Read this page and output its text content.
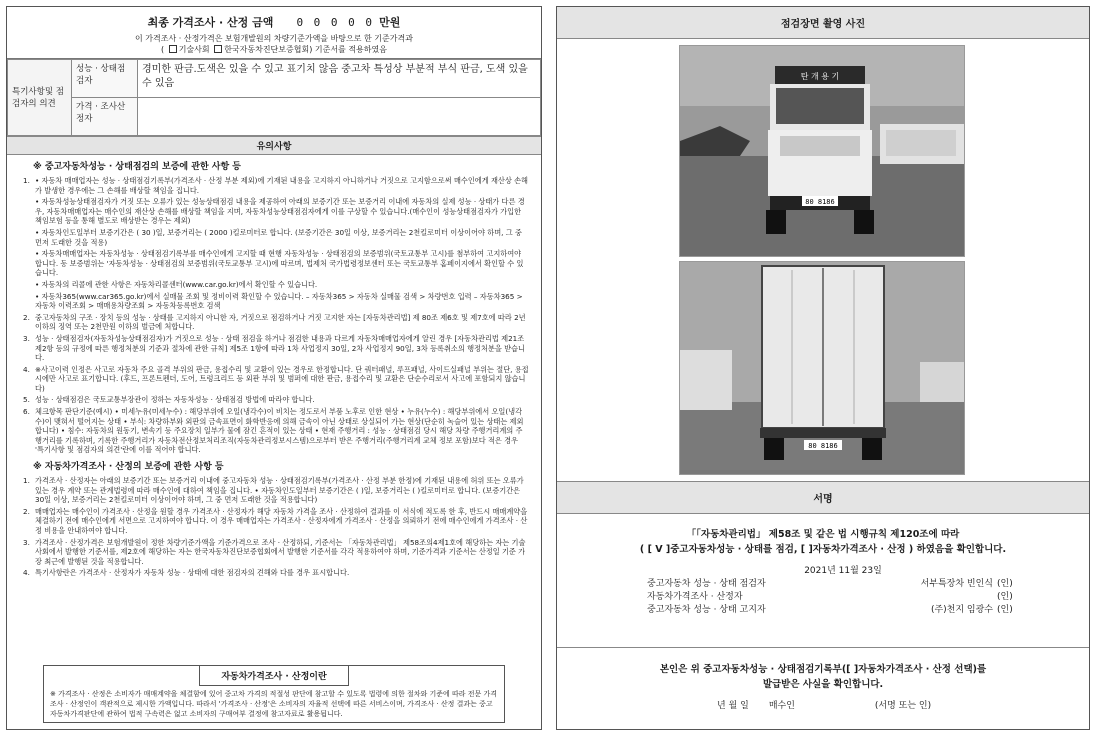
최종 가격조사 · 산정 금액 0 0 0 0 0 만원
이 가격조사 · 산정가격은 보험개발원의 차량기준가액을 바탕으로 한 기준가격과
( 기술사회 한국자동차진단보증협회) 기준서를 적용하였음
특기사항및 점검자의 의견	성능 · 상태점검자	경미한 판금.도색은 있을 수 있고 표기치 않음 중고차 특성상 부분적 부식 판금, 도색 있을 수 있음
	가격 · 조사산정자	
유의사항
※ 중고자동차성능 · 상태점검의 보증에 관한 사항 등
1. • 자동차 매매업자는 성능 · 상태점검기록부(가격조사 · 산정 부분 제외)에 기재된 내용을 고지하지 아니하거나 거짓으로 고지함으로써 매수인에게 재산상 손해가 발생한 경우에는 그 손해를 배상할 책임을 집니다.
• 자동차성능상태점검자가 거짓 또는 오류가 있는 성능상태점검 내용을 제공하여 아래의 보증기간 또는 보증거리 이내에 자동차의 실제 성능 · 상태가 다른 경우, 자동차매매업자는 매수인의 재산상 손해를 배상할 책임을 지며, 자동차성능상태점검자에게 이를 구상할 수 있습니다.(매수인이 성능상태점검자가 가입한 책임보험 등을 통해 별도로 배상받는 경우는 제외)
• 자동차인도일부터 보증기간은 ( 30 )일, 보증거리는 ( 2000 )킬로미터로 합니다. (보증기간은 30일 이상, 보증거리는 2천킬로미터 이상이어야 하며, 그 중 먼저 도래한 것을 적용)
• 자동차매매업자는 자동차성능 · 상태점검기록부를 매수인에게 고지할 때 현행 자동차성능 · 상태점검의 보증범위(국토교통부 고시)를 첨부하여 고지하여야 합니다. 동 보증범위는 '자동차성능 · 상태점검의 보증범위(국토교통부 고시)에 따르며, 법제처 국가법령정보센터 또는 국토교통부 홈페이지에서 확인할 수 있습니다.
• 자동차의 리콜에 관한 사항은 자동차리콜센터(www.car.go.kr)에서 확인할 수 있습니다.
• 자동차365(www.car365.go.kr)에서 실매물 조회 및 정비이력 확인할 수 있습니다. – 자동차365 > 자동차 실매물 검색 > 차량번호 입력 – 자동차365 > 자동차 이력조회 > 매매용차량조회 > 자동차등록번호 검색
2. 중고자동차의 구조 · 장치 등의 성능 · 상태를 고지하지 아니한 자, 거짓으로 점검하거나 거짓 고지한 자는 [자동차관리법] 제 80조 제6호 및 제7호에 따라 2년 이하의 징역 또는 2천만원 이하의 벌금에 처합니다.
3. 성능 · 상태점검자(자동차성능상태점검자)가 거짓으로 성능 · 상태 점검을 하거나 점검한 내용과 다르게 자동차매매업자에게 알린 경우 [자동차관리법 제21조 제2항 등의 규정에 따른 행정처분의 기준과 절차에 관한 규칙] 제5조 1항에 따라 1차 사업정지 30일, 2차 사업정지 90일, 3차 등록취소의 행정처분을 받습니다.
4. ※사고이력 인정은 사고로 자동차 주요 골격 부위의 판금, 용접수리 및 교환이 있는 경우로 한정합니다. 단 쿼터패널, 루프패널, 사이드실패널 부위는 절단, 용접 시에만 사고로 표기합니다. (후드, 프론트펜더, 도어, 트렁크리드 등 외판 부위 및 범퍼에 대한 판금, 용접수리 및 교환은 단순수리로서 사고에 포함되지 않습니다)
5. 성능 · 상태점검은 국토교통부장관이 정하는 자동차성능 · 상태점검 방법에 따라야 합니다.
6. 체크항목 판단기준(예시) • 미세누유(미세누수) : 해당부위에 오일(냉각수)이 비치는 정도로서 부품 노후로 인한 현상 • 누유(누수) : 해당부위에서 오일(냉각수)이 맺혀서 떨어지는 상태 • 부식: 차량하부와 외판의 금속표면이 화학반응에 의해 금속이 아닌 상태로 상실되어 가는 현상(단순히 녹슬어 있는 상태는 제외합니다) • 침수: 자동차의 원동기, 변속기 등 주요장치 일부가 물에 잠긴 흔적이 있는 상태 • 현재 주행거리 : 성능 · 상태점검 당시 해당 차량 주행거리계의 주행거리를 기록하며, 기록한 주행거리가 자동차전산정보처리조직(자동차관리정보시스템)으로부터 받은 주행거리(주행거리계 교체 정보 포함)보다 적은 경우 '특기사항 및 점검자의 의견'란에 이를 적어야 합니다.
※ 자동차가격조사 · 산정의 보증에 관한 사항 등
1. 가격조사 · 산정자는 아래의 보증기간 또는 보증거리 이내에 중고자동차 성능 · 상태점검기록부(가격조사 · 산정 부분 한정)에 기재된 내용에 허위 또는 오류가 있는 경우 계약 또는 관계법령에 따라 매수인에 대하여 책임을 집니다. • 자동차인도일부터 보증기간은 ( )일, 보증거리는 ( )킬로미터로 합니다. (보증기간은 30일 이상, 보증거리는 2천킬로미터 이상이어야 하며, 그 중 먼저 도래한 것을 적용합니다)
2. 매매업자는 매수인이 가격조사 · 산정을 원할 경우 가격조사 · 산정자가 해당 자동차 가격을 조사 · 산정하여 결과를 이 서식에 적도록 한 후, 반드시 매매계약을 체결하기 전에 매수인에게 서면으로 고지하여야 합니다. 이 경우 매매업자는 가격조사 · 산정자에게 가격조사 · 산정을 의뢰하기 전에 매수인에게 가격조사 · 산정 비용을 안내하여야 합니다.
3. 가격조사 · 산정가격은 보험개발원이 정한 차량기준가액을 기준가격으로 조사 · 산정하되, 기준서는 「자동차관리법」 제58조의4제1호에 해당하는 자는 기술사회에서 발행한 기준서를, 제2호에 해당하는 자는 한국자동차진단보증협회에서 발행한 기준서를 각각 적용하여야 하며, 기준가격과 기준서는 산정일 기준 가장 최근에 발행된 것을 적용합니다.
4. 특기사항란은 가격조사 · 산정자가 자동차 성능 · 상태에 대한 점검자의 견해와 다를 경우 표시합니다.
자동차가격조사 · 산정이란
※ 가격조사 · 산정은 소비자가 매매계약을 체결함에 있어 중고차 가격의 적절성 판단에 참고할 수 있도록 법령에 의한 절차와 기준에 따라 전문 가격조사 · 산정인이 객관적으로 제시한 가액입니다. 따라서 '가격조사 · 산정'은 소비자의 자율적 선택에 따른 서비스이며, 가격조사 · 산정 결과는 중고자동차가격판단에 관하여 법적 구속력은 없고 소비자의 구매여부 결정에 참고자료로 활용됩니다.
점검장면 촬영 사진
80 8186
탄 개 용 기
80 8186
서명
「「자동차관리법」 제58조 및 같은 법 시행규칙 제120조에 따라
( [ V ]중고자동차성능 · 상태를 점검, [ ]자동차가격조사 · 산정 ) 하였음을 확인합니다.
2021년 11월 23일
중고자동차 성능 · 상태 점검자	서부특장차 빈인식 (인)
자동차가격조사 · 산정자	(인)
중고자동차 성능 · 상태 고지자	(주)천지 임광수 (인)
본인은 위 중고자동차성능 · 상태점검기록부([ ]자동차가격조사 · 산정 선택)를
발급받은 사실을 확인합니다.
년 월 일 매수인	(서명 또는 인)
